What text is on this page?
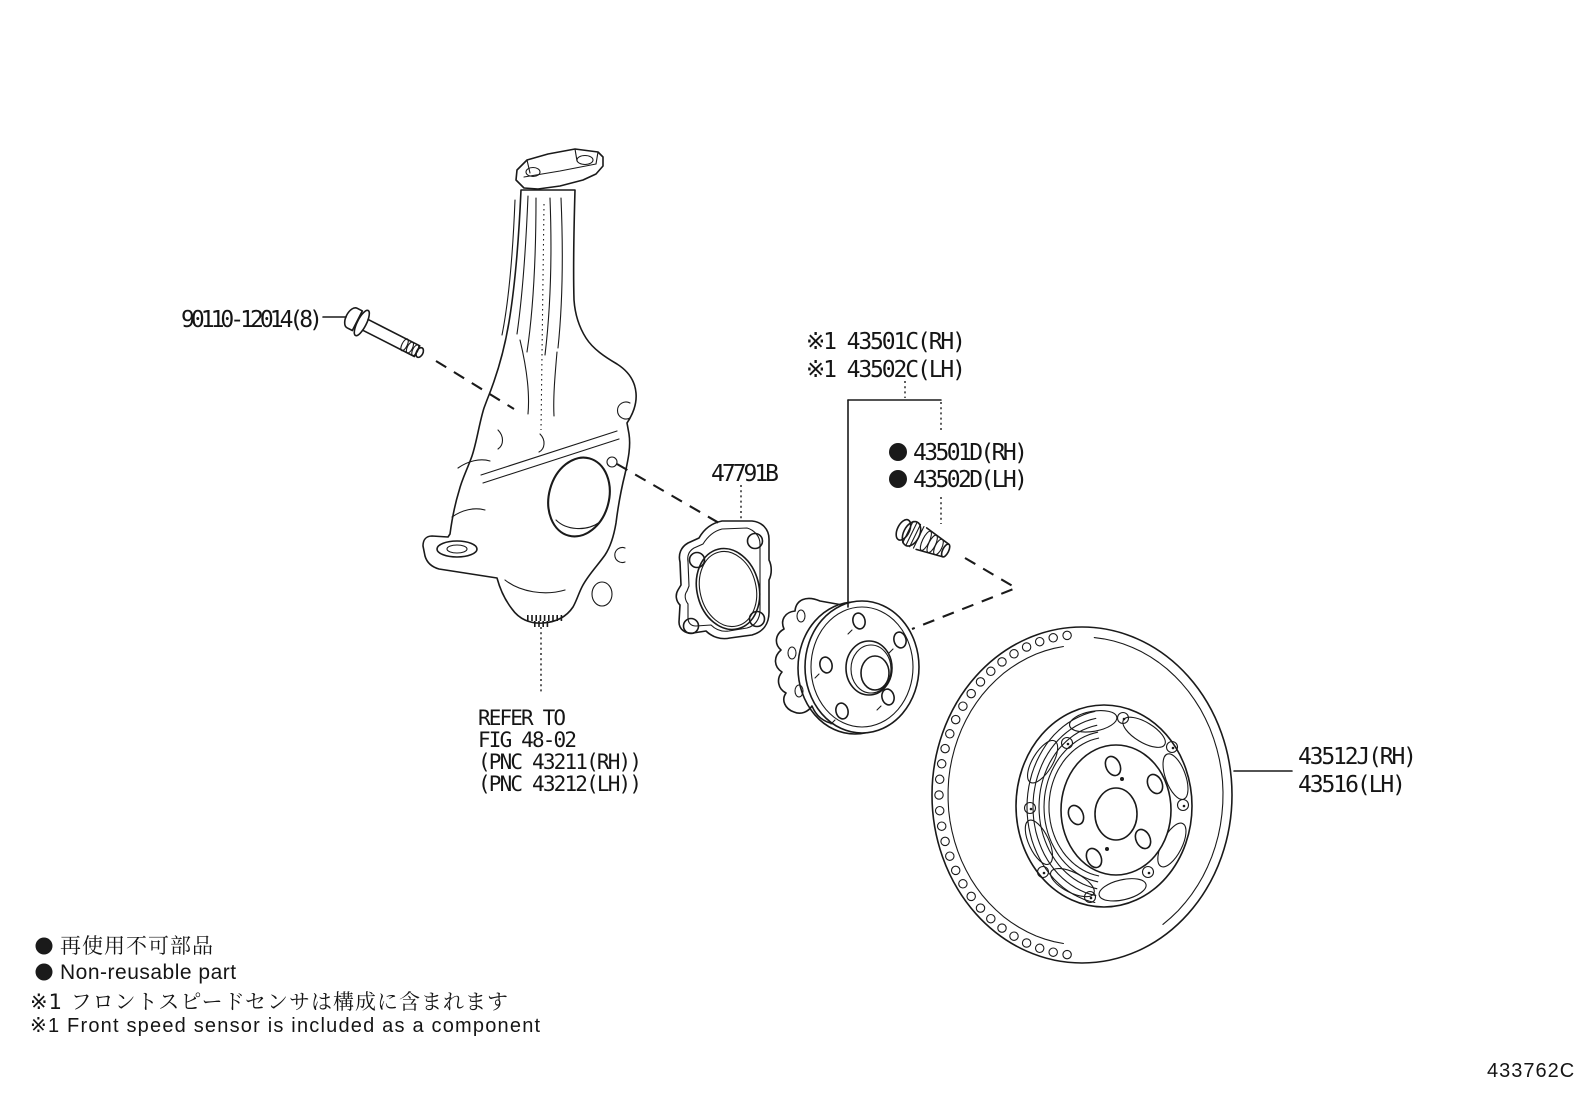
90110-12014(8)
※1 43501C(RH)
※1 43502C(LH)
43501D(RH)
43502D(LH)
47791B
REFER TO
FIG 48-02
(PNC 43211(RH))
(PNC 43212(LH))
43512J(RH)
43516(LH)
再使用不可部品
Non-reusable part
※1 フロントスピードセンサは構成に含まれます
※1 Front speed sensor is included as a component
433762C
